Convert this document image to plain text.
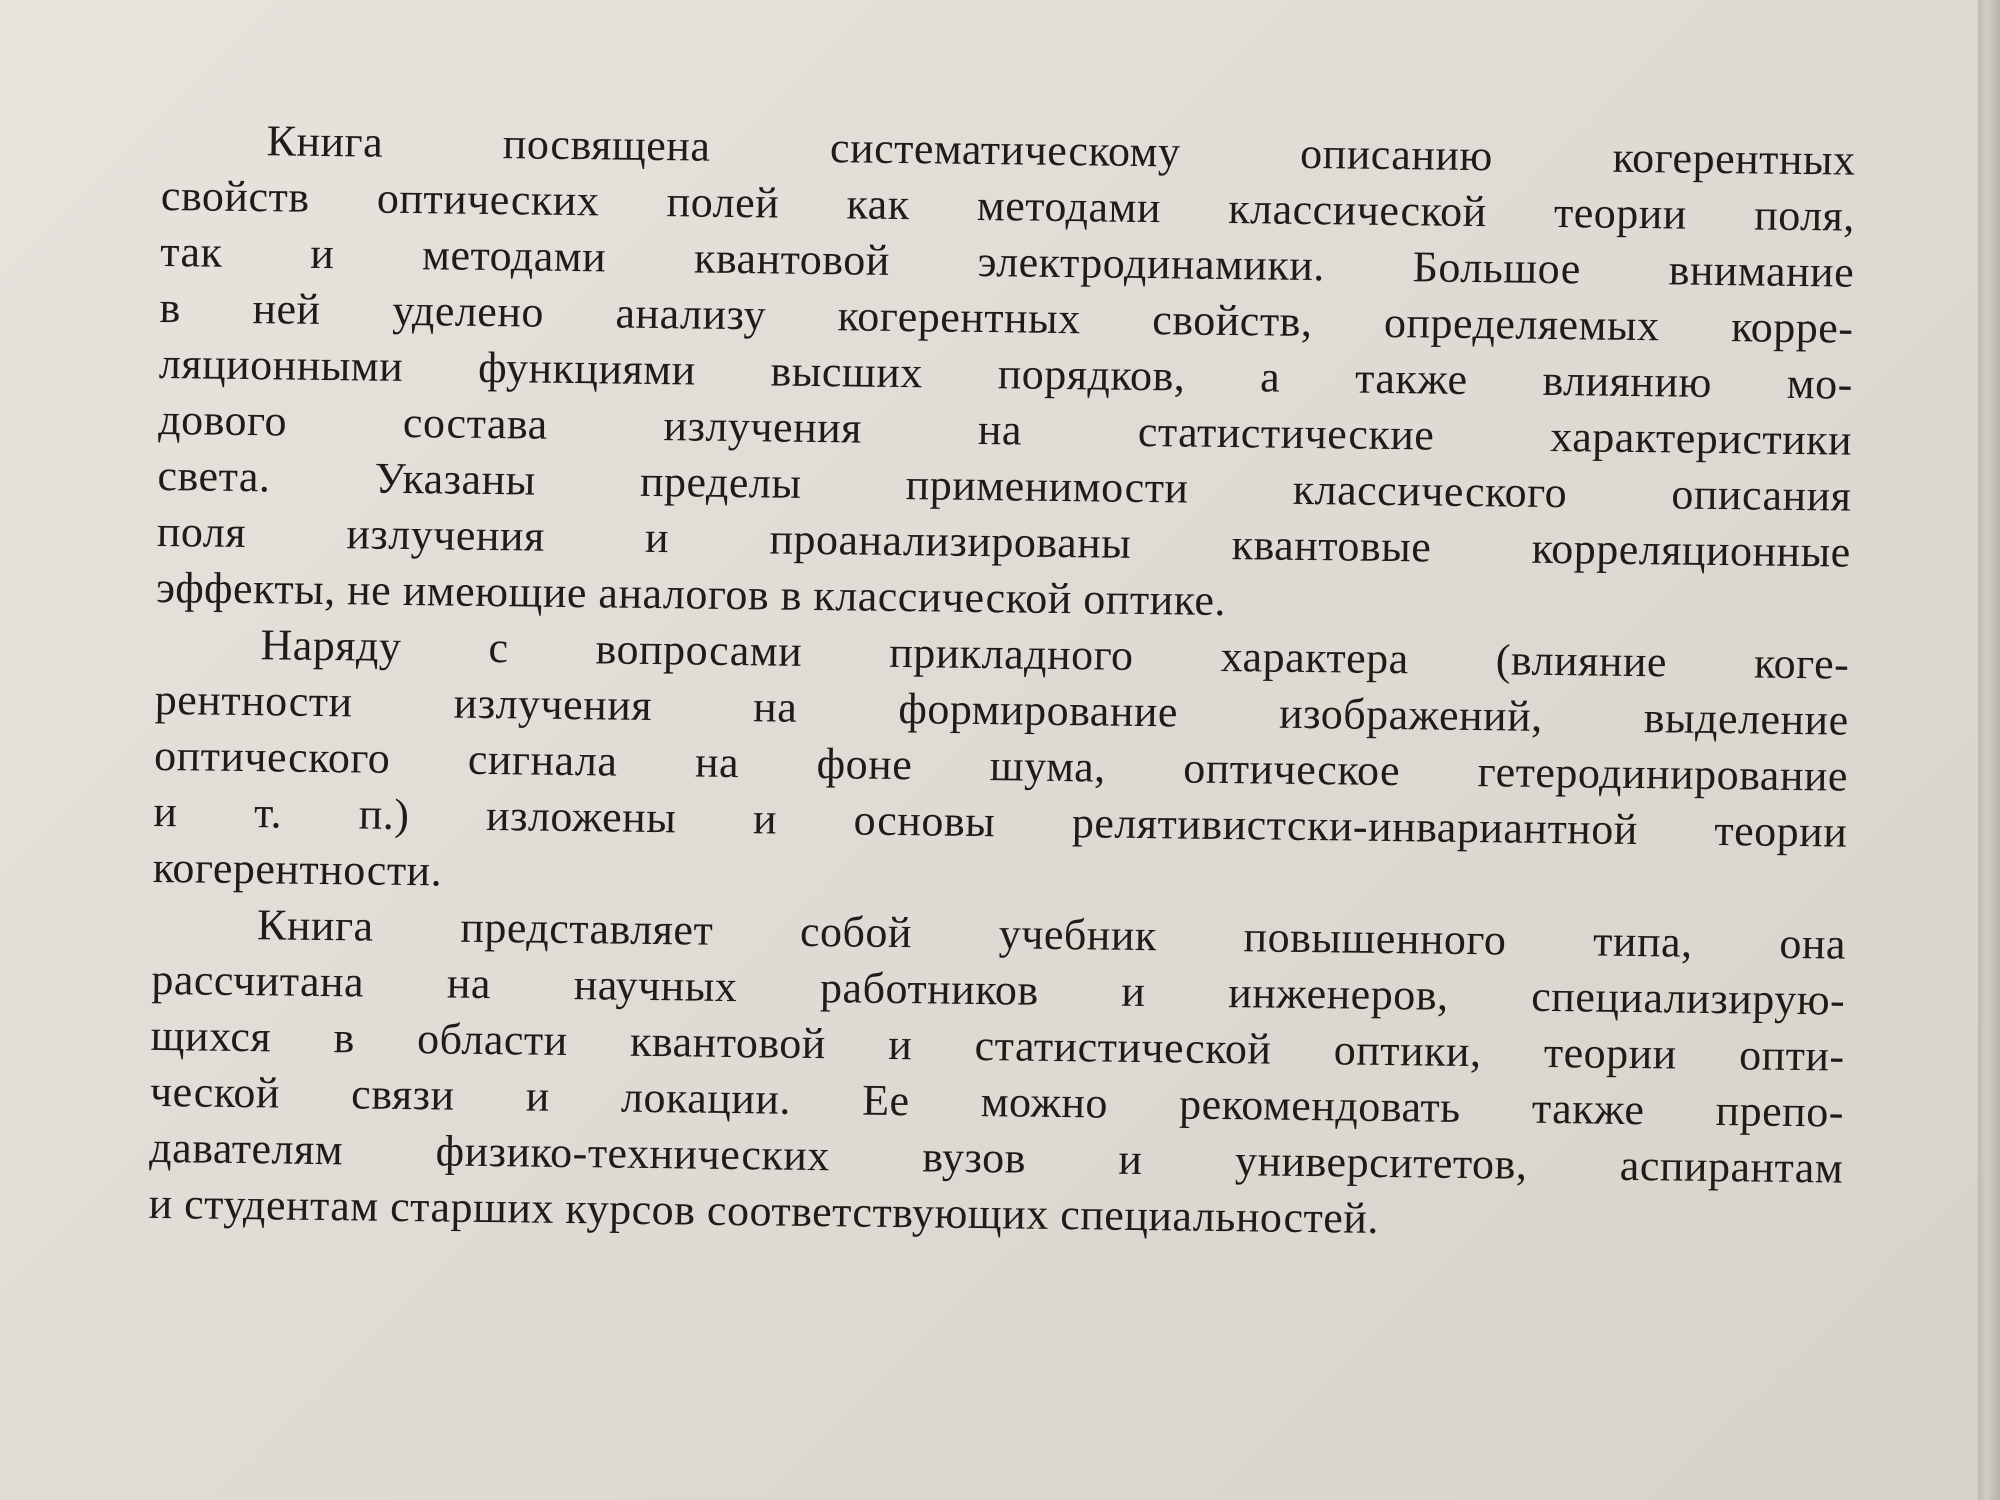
Книга посвящена систематическому описанию когерентных
свойств оптических полей как методами классической теории поля,
так и методами квантовой электродинамики. Большое внимание
в ней уделено анализу когерентных свойств, определяемых корре-
ляционными функциями высших порядков, а также влиянию мо-
дового состава излучения на статистические характеристики
света. Указаны пределы применимости классического описания
поля излучения и проанализированы квантовые корреляционные
эффекты, не имеющие аналогов в классической оптике.
Наряду с вопросами прикладного характера (влияние коге-
рентности излучения на формирование изображений, выделение
оптического сигнала на фоне шума, оптическое гетеродинирование
и т. п.) изложены и основы релятивистски-инвариантной теории
когерентности.
Книга представляет собой учебник повышенного типа, она
рассчитана на научных работников и инженеров, специализирую-
щихся в области квантовой и статистической оптики, теории опти-
ческой связи и локации. Ее можно рекомендовать также препо-
давателям физико-технических вузов и университетов, аспирантам
и студентам старших курсов соответствующих специальностей.
